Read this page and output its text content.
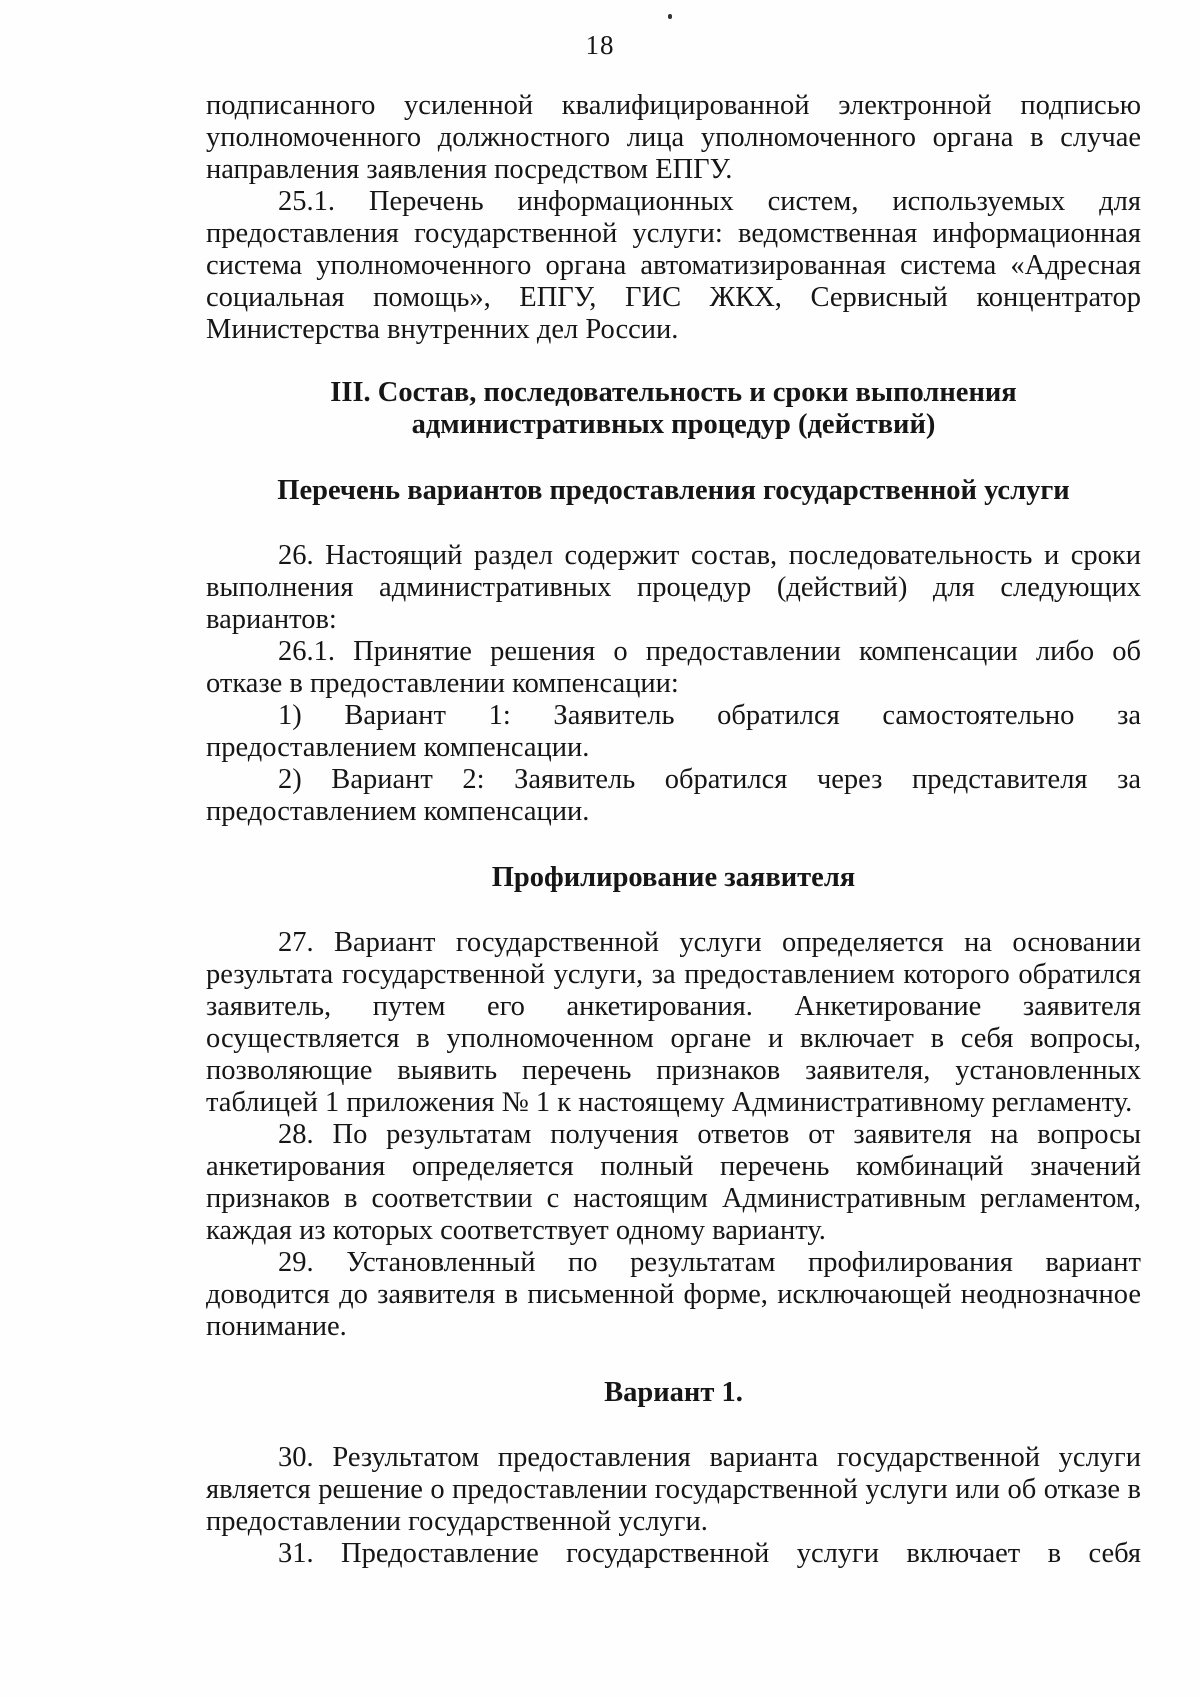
18

подписанного усиленной квалифицированной электронной подписью уполномоченного должностного лица уполномоченного органа в случае направления заявления посредством ЕПГУ.

25.1. Перечень информационных систем, используемых для предоставления государственной услуги: ведомственная информационная система уполномоченного органа автоматизированная система «Адресная социальная помощь», ЕПГУ, ГИС ЖКХ, Сервисный концентратор Министерства внутренних дел России.

III. Состав, последовательность и сроки выполнения
административных процедур (действий)
Перечень вариантов предоставления государственной услуги

26. Настоящий раздел содержит состав, последовательность и сроки выполнения административных процедур (действий) для следующих вариантов:

26.1. Принятие решения о предоставлении компенсации либо об отказе в предоставлении компенсации:

1) Вариант 1: Заявитель обратился самостоятельно за предоставлением компенсации.

2) Вариант 2: Заявитель обратился через представителя за предоставлением компенсации.

Профилирование заявителя

27. Вариант государственной услуги определяется на основании результата государственной услуги, за предоставлением которого обратился заявитель, путем его анкетирования. Анкетирование заявителя осуществляется в уполномоченном органе и включает в себя вопросы, позволяющие выявить перечень признаков заявителя, установленных таблицей 1 приложения № 1 к настоящему Административному регламенту.

28. По результатам получения ответов от заявителя на вопросы анкетирования определяется полный перечень комбинаций значений признаков в соответствии с настоящим Административным регламентом, каждая из которых соответствует одному варианту.

29. Установленный по результатам профилирования вариант доводится до заявителя в письменной форме, исключающей неоднозначное понимание.

Вариант 1.

30. Результатом предоставления варианта государственной услуги является решение о предоставлении государственной услуги или об отказе в предоставлении государственной услуги.

31. Предоставление государственной услуги включает в себя
